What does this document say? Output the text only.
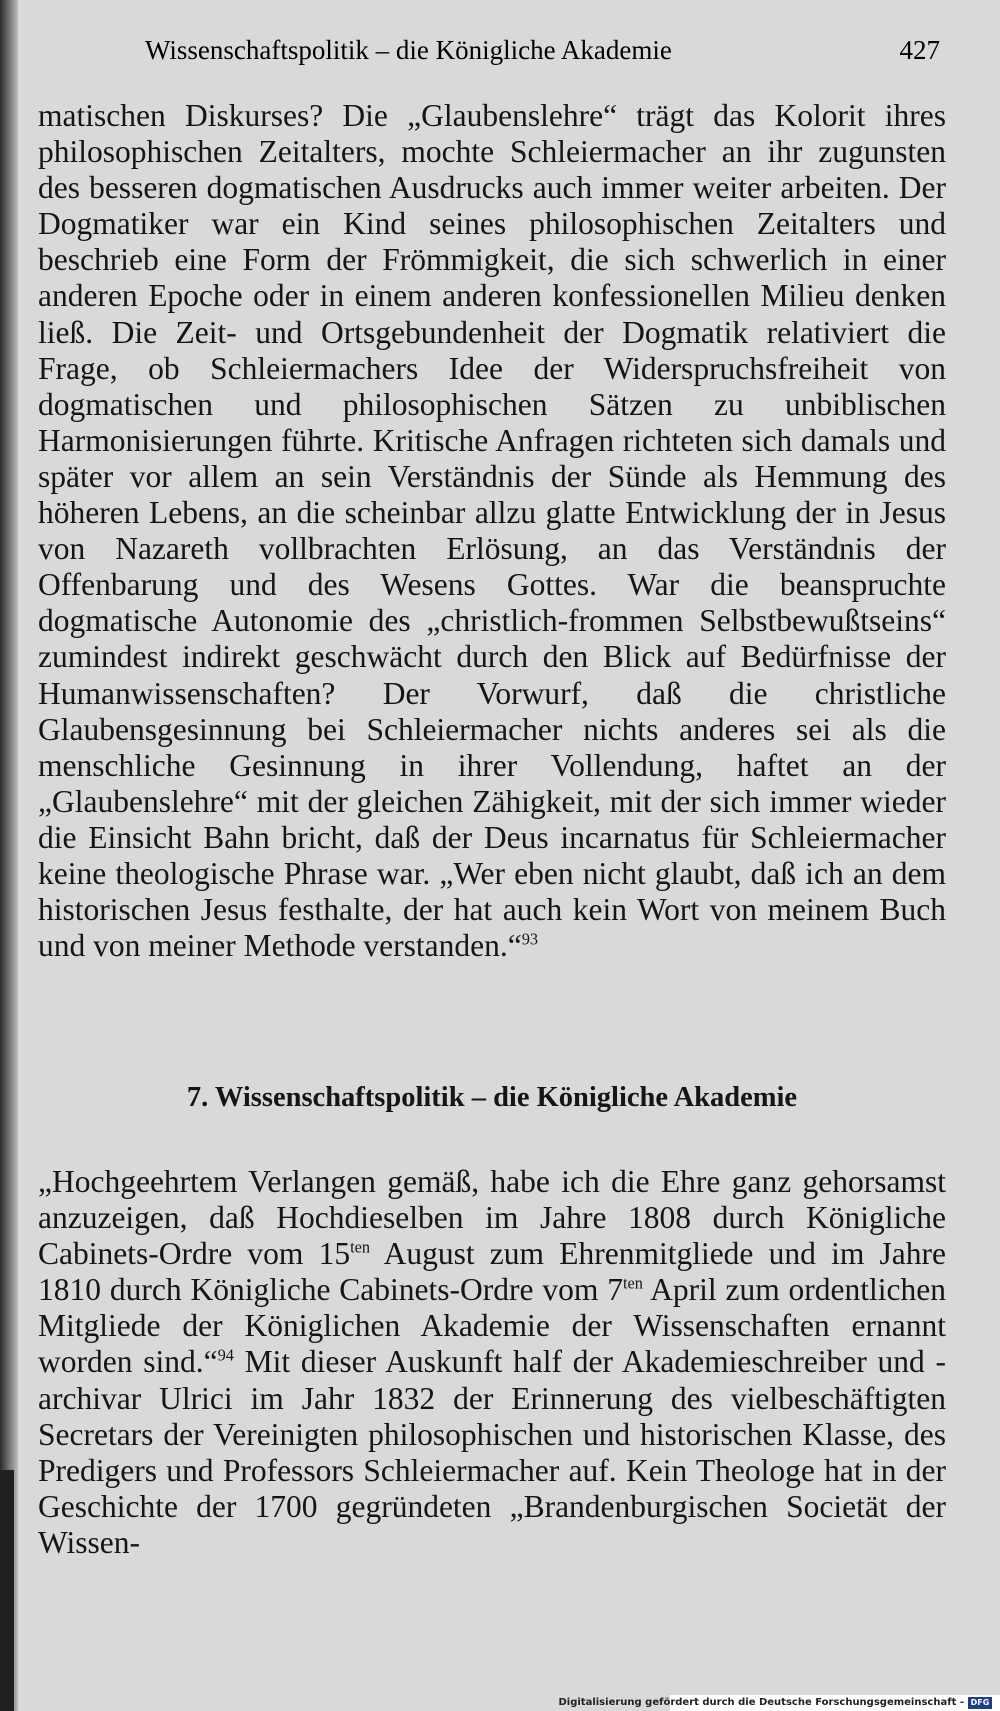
Wissenschaftspolitik – die Königliche Akademie	427

matischen Diskurses? Die „Glaubenslehre“ trägt das Kolorit ihres philosophischen Zeitalters, mochte Schleiermacher an ihr zugunsten des besseren dogmatischen Ausdrucks auch immer weiter arbeiten. Der Dogmatiker war ein Kind seines philosophischen Zeitalters und beschrieb eine Form der Frömmigkeit, die sich schwerlich in einer anderen Epoche oder in einem anderen konfessionellen Milieu denken ließ. Die Zeit- und Ortsgebundenheit der Dogmatik relativiert die Frage, ob Schleiermachers Idee der Widerspruchsfreiheit von dogmatischen und philosophischen Sätzen zu unbiblischen Harmonisierungen führte. Kritische Anfragen richteten sich damals und später vor allem an sein Verständnis der Sünde als Hemmung des höheren Lebens, an die scheinbar allzu glatte Entwicklung der in Jesus von Nazareth vollbrachten Erlösung, an das Verständnis der Offenbarung und des Wesens Gottes. War die beanspruchte dogmatische Autonomie des „christlich-frommen Selbstbewußtseins“ zumindest indirekt geschwächt durch den Blick auf Bedürfnisse der Humanwissenschaften? Der Vorwurf, daß die christliche Glaubensgesinnung bei Schleiermacher nichts anderes sei als die menschliche Gesinnung in ihrer Vollendung, haftet an der „Glaubenslehre“ mit der gleichen Zähigkeit, mit der sich immer wieder die Einsicht Bahn bricht, daß der Deus incarnatus für Schleiermacher keine theologische Phrase war. „Wer eben nicht glaubt, daß ich an dem historischen Jesus festhalte, der hat auch kein Wort von meinem Buch und von meiner Methode verstanden.“$^{93}$

7. Wissenschaftspolitik – die Königliche Akademie

„Hochgeehrtem Verlangen gemäß, habe ich die Ehre ganz gehorsamst anzuzeigen, daß Hochdieselben im Jahre 1808 durch Königliche Cabinets-Ordre vom 15$^{ten}$ August zum Ehrenmitgliede und im Jahre 1810 durch Königliche Cabinets-Ordre vom 7$^{ten}$ April zum ordentlichen Mitgliede der Königlichen Akademie der Wissenschaften ernannt worden sind.“$^{94}$ Mit dieser Auskunft half der Akademieschreiber und -archivar Ulrici im Jahr 1832 der Erinnerung des vielbeschäftigten Secretars der Vereinigten philosophischen und historischen Klasse, des Predigers und Professors Schleiermacher auf. Kein Theologe hat in der Geschichte der 1700 gegründeten „Brandenburgischen Societät der Wissen-

Digitalisierung gefördert durch die Deutsche Forschungsgemeinschaft - DFG
